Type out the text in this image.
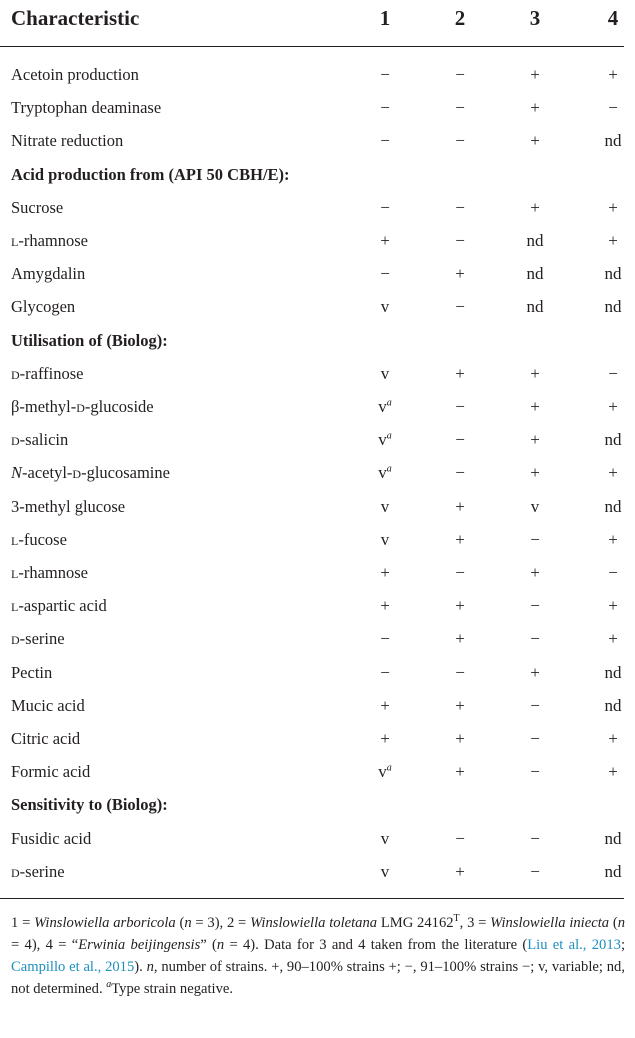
Characteristic	1	2	3	4
Acetoin production	−	−	+	+
Tryptophan deaminase	−	−	+	−
Nitrate reduction	−	−	+	nd
Acid production from (API 50 CBH/E):
Sucrose	−	−	+	+
l-rhamnose	+	−	nd	+
Amygdalin	−	+	nd	nd
Glycogen	v	−	nd	nd
Utilisation of (Biolog):
d-raffinose	v	+	+	−
β-methyl-d-glucoside	$v^a$	−	+	+
d-salicin	$v^a$	−	+	nd
N-acetyl-d-glucosamine	$v^a$	−	+	+
3-methyl glucose	v	+	v	nd
l-fucose	v	+	−	+
l-rhamnose	+	−	+	−
l-aspartic acid	+	+	−	+
d-serine	−	+	−	+
Pectin	−	−	+	nd
Mucic acid	+	+	−	nd
Citric acid	+	+	−	+
Formic acid	$v^a$	+	−	+
Sensitivity to (Biolog):
Fusidic acid	v	−	−	nd
d-serine	v	+	−	nd
1 = Winslowiella arboricola (n = 3), 2 = Winslowiella toletana LMG $24162^T$, 3 = Winslowiella iniecta (n = 4), 4 = “Erwinia beijingensis” (n = 4). Data for 3 and 4 taken from the literature (Liu et al., 2013; Campillo et al., 2015). n, number of strains. +, 90–100% strains +; −, 91–100% strains −; v, variable; nd, not determined. $^a$Type strain negative.
